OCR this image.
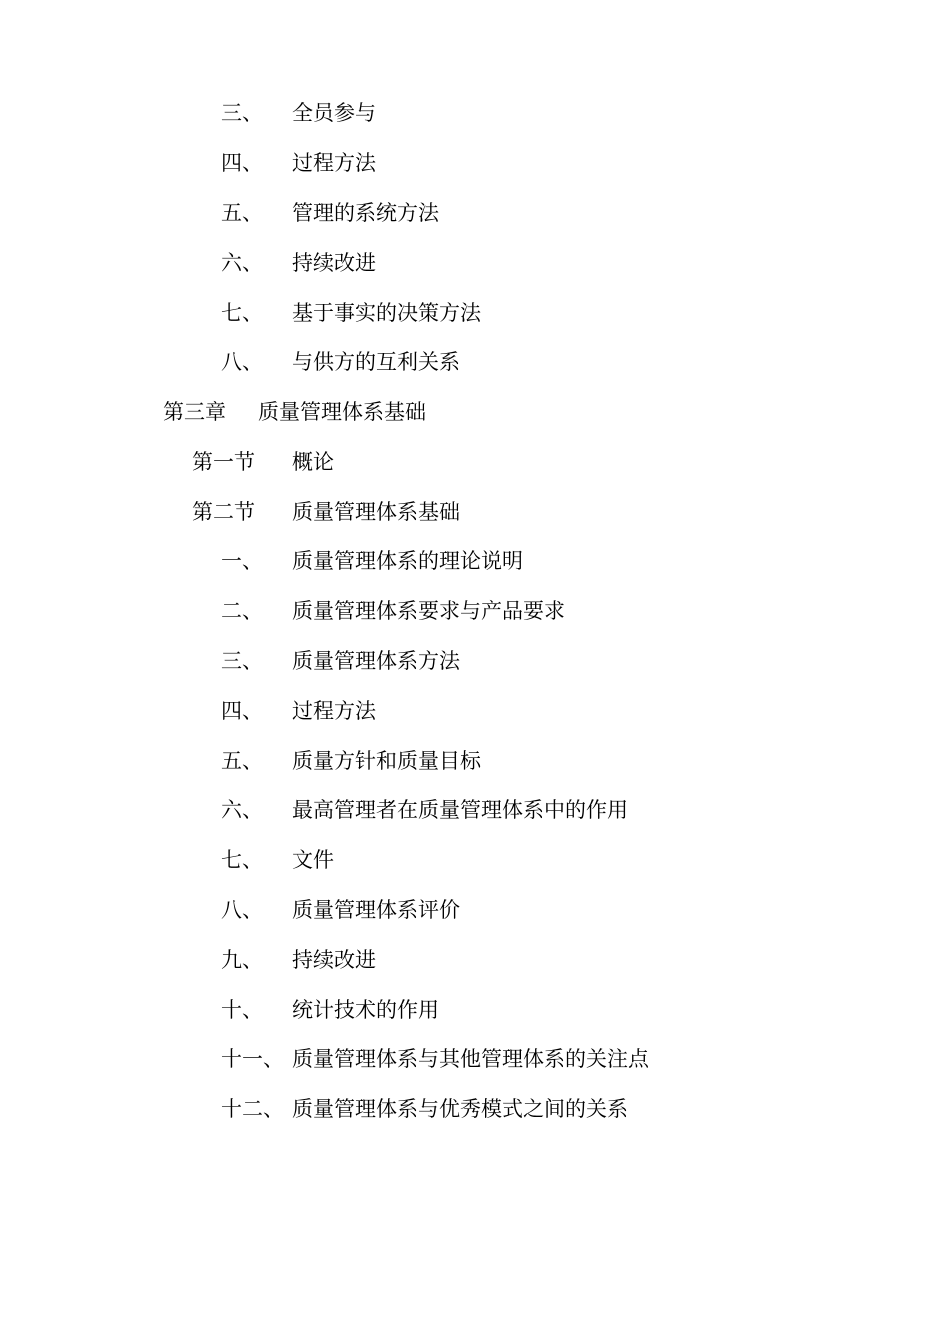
三、 全员参与
四、 过程方法
五、 管理的系统方法
六、 持续改进
七、 基于事实的决策方法
八、 与供方的互利关系
第三章 质量管理体系基础
第一节 概论
第二节 质量管理体系基础
一、 质量管理体系的理论说明
二、 质量管理体系要求与产品要求
三、 质量管理体系方法
四、 过程方法
五、 质量方针和质量目标
六、 最高管理者在质量管理体系中的作用
七、 文件
八、 质量管理体系评价
九、 持续改进
十、 统计技术的作用
十一、 质量管理体系与其他管理体系的关注点
十二、 质量管理体系与优秀模式之间的关系
